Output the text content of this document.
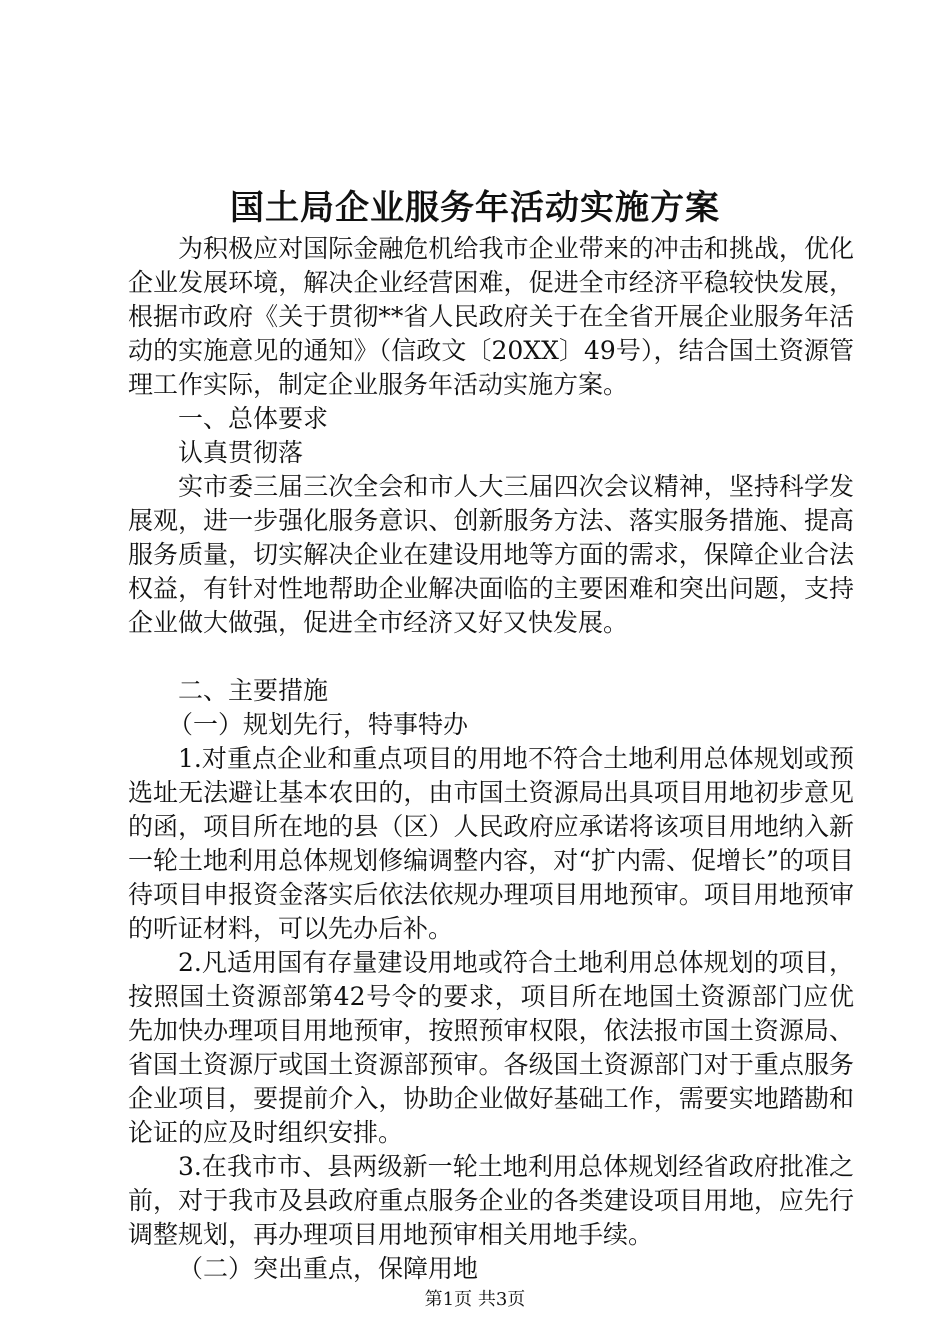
国土局企业服务年活动实施方案

为积极应对国际金融危机给我市企业带来的冲击和挑战，优化企业发展环境，解决企业经营困难，促进全市经济平稳较快发展，根据市政府《关于贯彻**省人民政府关于在全省开展企业服务年活动的实施意见的通知》（信政文〔20XX〕49号），结合国土资源管理工作实际，制定企业服务年活动实施方案。

一、总体要求

认真贯彻落

实市委三届三次全会和市人大三届四次会议精神，坚持科学发展观，进一步强化服务意识、创新服务方法、落实服务措施、提高服务质量，切实解决企业在建设用地等方面的需求，保障企业合法权益，有针对性地帮助企业解决面临的主要困难和突出问题，支持企业做大做强，促进全市经济又好又快发展。

二、主要措施

（一）规划先行，特事特办

1.对重点企业和重点项目的用地不符合土地利用总体规划或预选址无法避让基本农田的，由市国土资源局出具项目用地初步意见的函，项目所在地的县（区）人民政府应承诺将该项目用地纳入新一轮土地利用总体规划修编调整内容，对“扩内需、促增长”的项目待项目申报资金落实后依法依规办理项目用地预审。项目用地预审的听证材料，可以先办后补。

2.凡适用国有存量建设用地或符合土地利用总体规划的项目，按照国土资源部第42号令的要求，项目所在地国土资源部门应优先加快办理项目用地预审，按照预审权限，依法报市国土资源局、省国土资源厅或国土资源部预审。各级国土资源部门对于重点服务企业项目，要提前介入，协助企业做好基础工作，需要实地踏勘和论证的应及时组织安排。

3.在我市市、县两级新一轮土地利用总体规划经省政府批准之前，对于我市及县政府重点服务企业的各类建设项目用地，应先行调整规划，再办理项目用地预审相关用地手续。

（二）突出重点，保障用地

第1页 共3页
